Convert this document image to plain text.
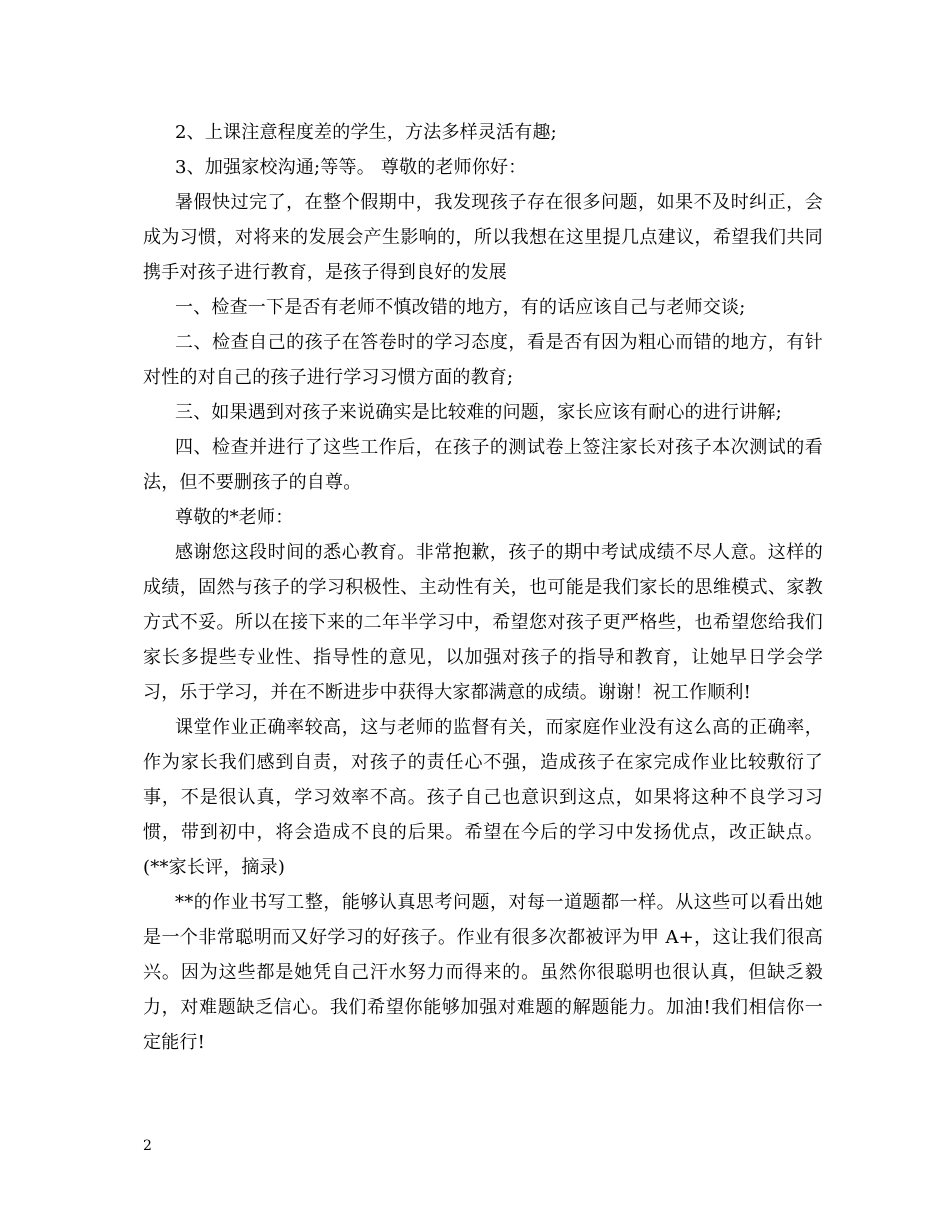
2、上课注意程度差的学生，方法多样灵活有趣;

3、加强家校沟通;等等。 尊敬的老师你好：

暑假快过完了，在整个假期中，我发现孩子存在很多问题，如果不及时纠正，会成为习惯，对将来的发展会产生影响的，所以我想在这里提几点建议，希望我们共同携手对孩子进行教育，是孩子得到良好的发展

一、检查一下是否有老师不慎改错的地方，有的话应该自己与老师交谈;

二、检查自己的孩子在答卷时的学习态度，看是否有因为粗心而错的地方，有针对性的对自己的孩子进行学习习惯方面的教育;

三、如果遇到对孩子来说确实是比较难的问题，家长应该有耐心的进行讲解;

四、检查并进行了这些工作后，在孩子的测试卷上签注家长对孩子本次测试的看法，但不要删孩子的自尊。

尊敬的*老师：

感谢您这段时间的悉心教育。非常抱歉，孩子的期中考试成绩不尽人意。这样的成绩，固然与孩子的学习积极性、主动性有关，也可能是我们家长的思维模式、家教方式不妥。所以在接下来的二年半学习中，希望您对孩子更严格些，也希望您给我们家长多提些专业性、指导性的意见，以加强对孩子的指导和教育，让她早日学会学习，乐于学习，并在不断进步中获得大家都满意的成绩。谢谢！祝工作顺利!

课堂作业正确率较高，这与老师的监督有关，而家庭作业没有这么高的正确率，作为家长我们感到自责，对孩子的责任心不强，造成孩子在家完成作业比较敷衍了事，不是很认真，学习效率不高。孩子自己也意识到这点，如果将这种不良学习习惯，带到初中，将会造成不良的后果。希望在今后的学习中发扬优点，改正缺点。(**家长评，摘录)

**的作业书写工整，能够认真思考问题，对每一道题都一样。从这些可以看出她是一个非常聪明而又好学习的好孩子。作业有很多次都被评为甲 A+，这让我们很高兴。因为这些都是她凭自己汗水努力而得来的。虽然你很聪明也很认真，但缺乏毅力，对难题缺乏信心。我们希望你能够加强对难题的解题能力。加油!我们相信你一定能行!

2
